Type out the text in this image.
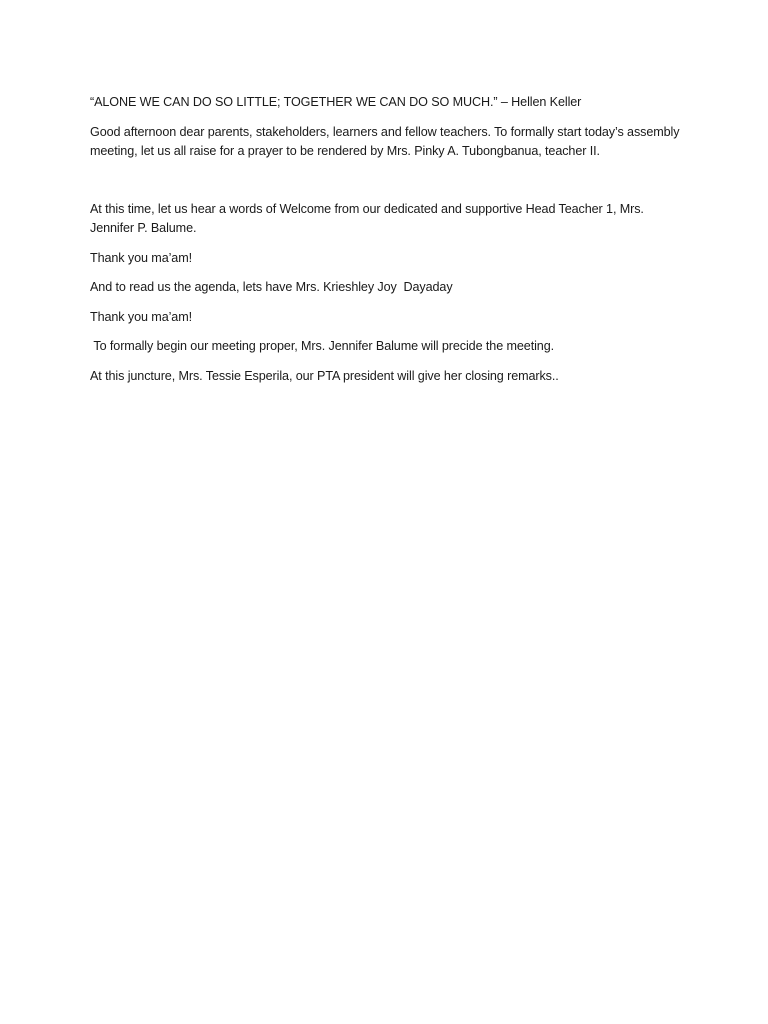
“ALONE WE CAN DO SO LITTLE; TOGETHER WE CAN DO SO MUCH.” – Hellen Keller

Good afternoon dear parents, stakeholders, learners and fellow teachers. To formally start today’s assembly meeting, let us all raise for a prayer to be rendered by Mrs. Pinky A. Tubongbanua, teacher II.

At this time, let us hear a words of Welcome from our dedicated and supportive Head Teacher 1, Mrs. Jennifer P. Balume.

Thank you ma’am!

And to read us the agenda, lets have Mrs. Krieshley Joy  Dayaday

Thank you ma’am!

To formally begin our meeting proper, Mrs. Jennifer Balume will precide the meeting.

At this juncture, Mrs. Tessie Esperila, our PTA president will give her closing remarks..
